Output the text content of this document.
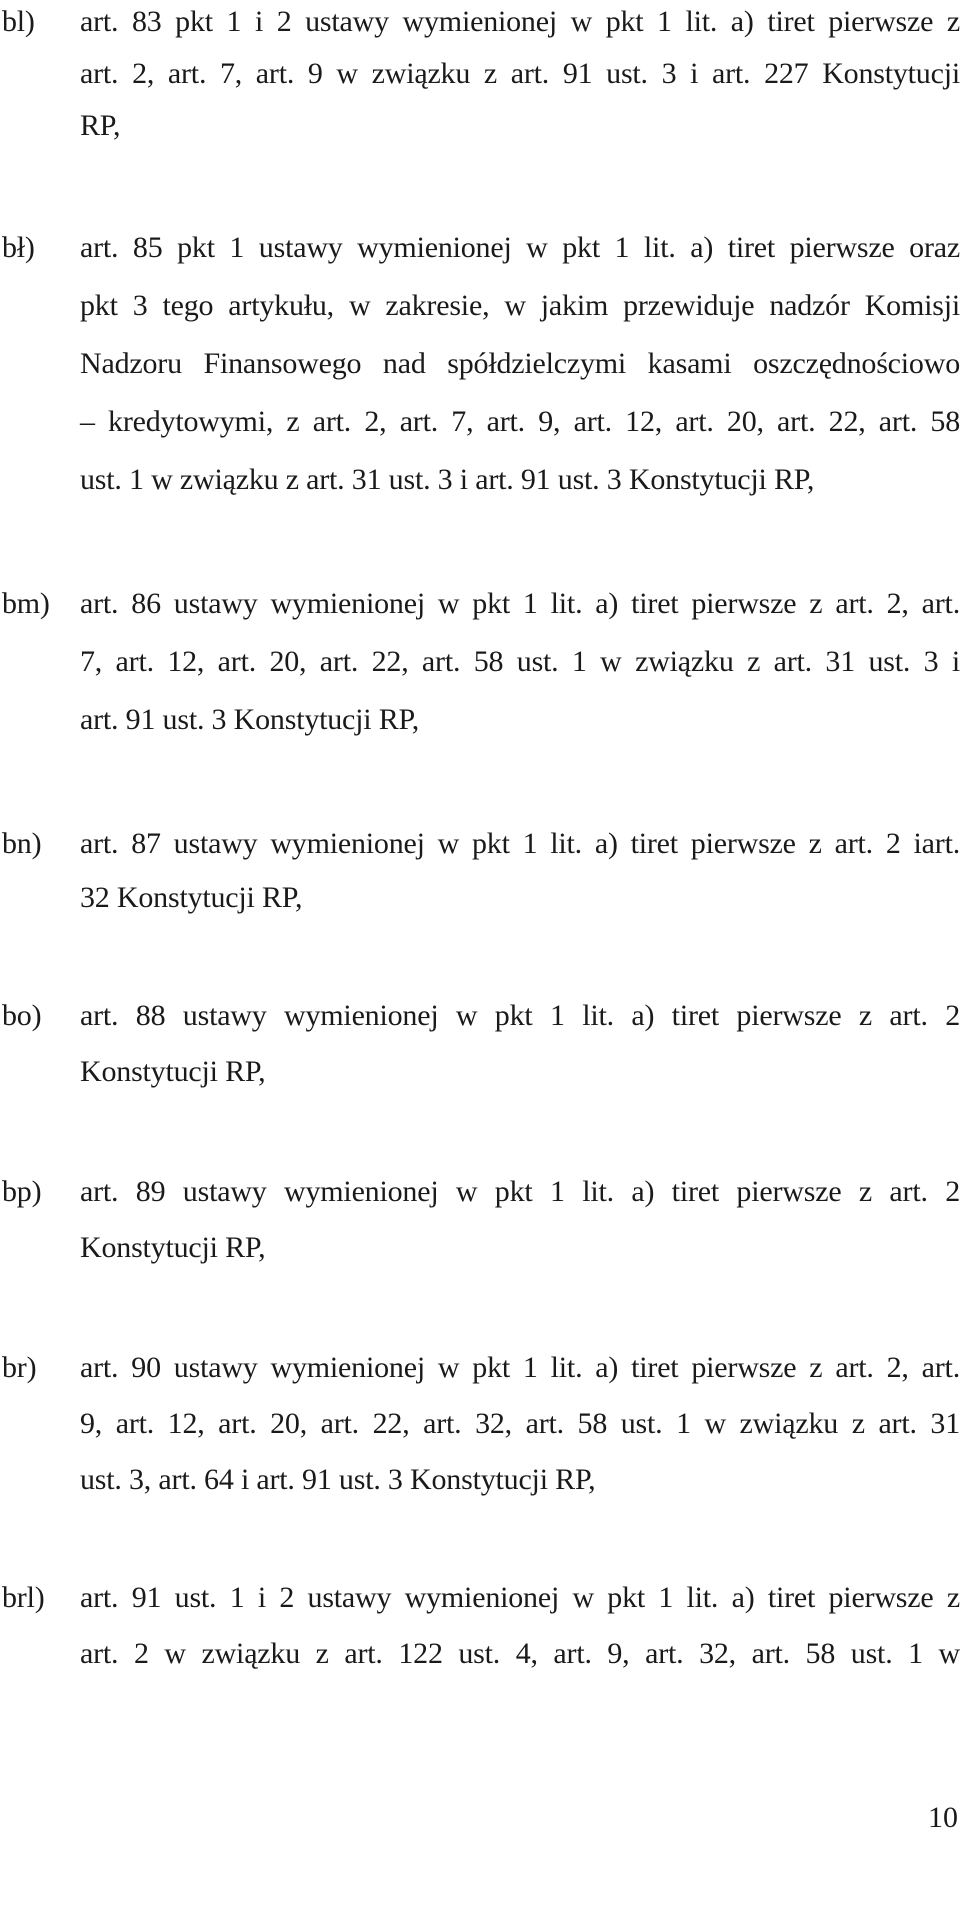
bl) art. 83 pkt 1 i 2 ustawy wymienionej w pkt 1 lit. a) tiret pierwsze z
art. 2, art. 7, art. 9 w związku z art. 91 ust. 3 i art. 227 Konstytucji
RP,
bł) art. 85 pkt 1 ustawy wymienionej w pkt 1 lit. a) tiret pierwsze oraz
pkt 3 tego artykułu, w zakresie, w jakim przewiduje nadzór Komisji
Nadzoru Finansowego nad spółdzielczymi kasami oszczędnościowo
– kredytowymi, z art. 2, art. 7, art. 9, art. 12, art. 20, art. 22, art. 58
ust. 1 w związku z art. 31 ust. 3 i art. 91 ust. 3 Konstytucji RP,
bm) art. 86 ustawy wymienionej w pkt 1 lit. a) tiret pierwsze z art. 2, art.
7, art. 12, art. 20, art. 22, art. 58 ust. 1 w związku z art. 31 ust. 3 i
art. 91 ust. 3 Konstytucji RP,
bn) art. 87 ustawy wymienionej w pkt 1 lit. a) tiret pierwsze z art. 2 iart.
32 Konstytucji RP,
bo) art. 88 ustawy wymienionej w pkt 1 lit. a) tiret pierwsze z art. 2
Konstytucji RP,
bp) art. 89 ustawy wymienionej w pkt 1 lit. a) tiret pierwsze z art. 2
Konstytucji RP,
br) art. 90 ustawy wymienionej w pkt 1 lit. a) tiret pierwsze z art. 2, art.
9, art. 12, art. 20, art. 22, art. 32, art. 58 ust. 1 w związku z art. 31
ust. 3, art. 64 i art. 91 ust. 3 Konstytucji RP,
brl) art. 91 ust. 1 i 2 ustawy wymienionej w pkt 1 lit. a) tiret pierwsze z
art. 2 w związku z art. 122 ust. 4, art. 9, art. 32, art. 58 ust. 1 w
10
